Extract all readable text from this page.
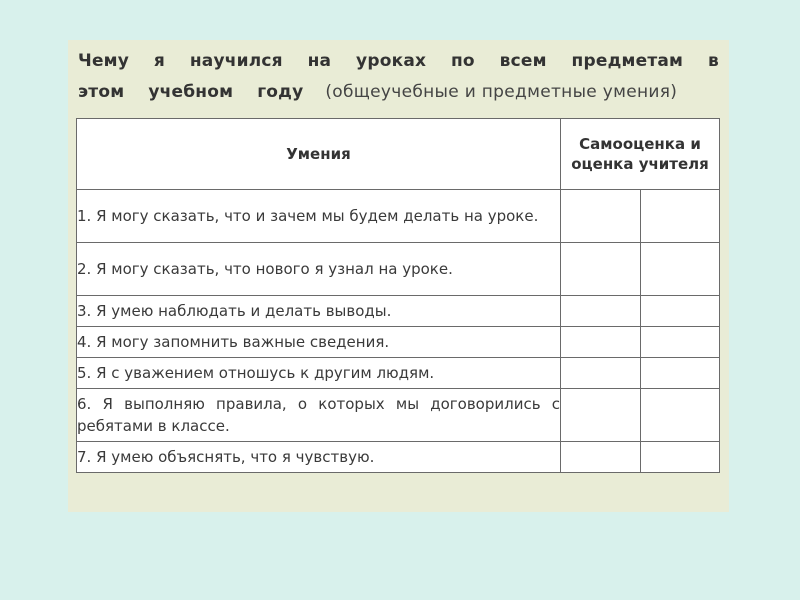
Чему я научился на уроках по всем предметам в
этом учебном году (общеучебные и предметные умения)
Умения	Самооценка и оценка учителя	
1. Я могу сказать, что и зачем мы будем делать на уроке.		
2. Я могу сказать, что нового я узнал на уроке.		
3. Я умею наблюдать и делать выводы.		
4. Я могу запомнить важные сведения.		
5. Я с уважением отношусь к другим людям.		
6. Я выполняю правила, о которых мы договорились с ребятами в классе.		
7. Я умею объяснять, что я чувствую.		
